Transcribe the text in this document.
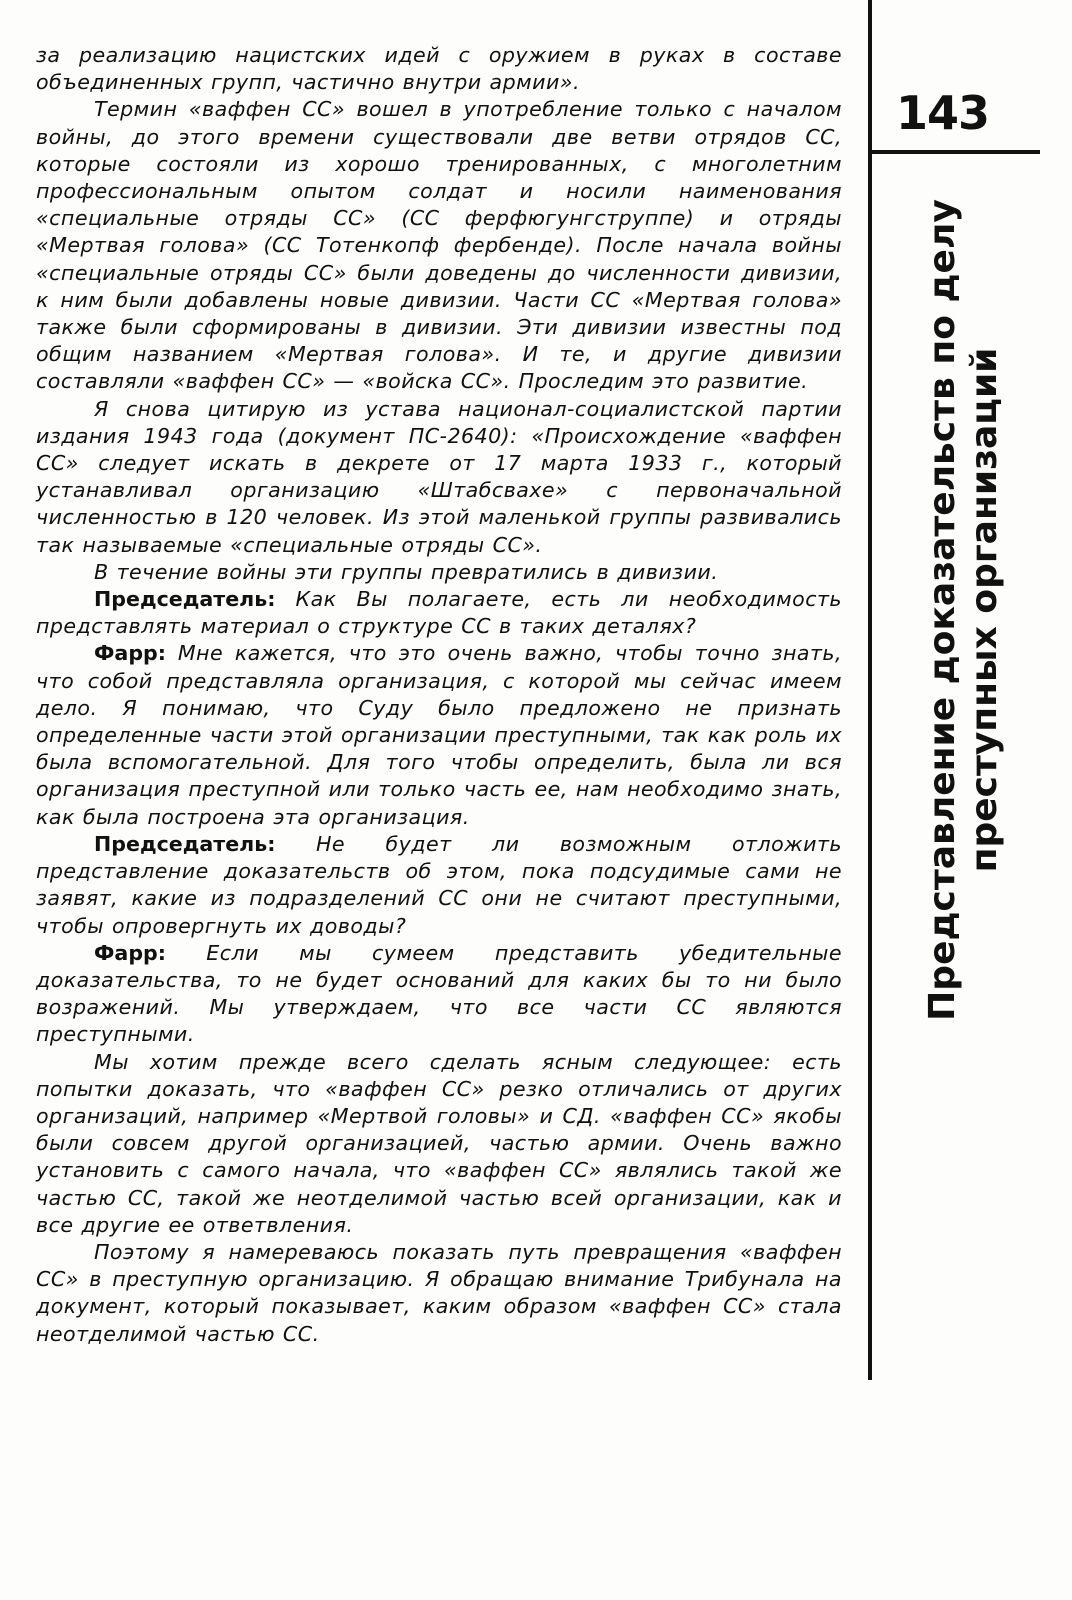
за реализацию нацистских идей с оружием в руках в составе объединенных групп, частично внутри армии».

Термин «ваффен СС» вошел в употребление только с началом войны, до этого времени существовали две ветви отрядов СС, которые состояли из хорошо тренированных, с многолетним профессиональным опытом солдат и носили наименования «специальные отряды СС» (СС ферфюгунгструппе) и отряды «Мертвая голова» (СС Тотенкопф фербенде). После начала войны «специальные отряды СС» были доведены до численности дивизии, к ним были добавлены новые дивизии. Части СС «Мертвая голова» также были сформированы в дивизии. Эти дивизии известны под общим названием «Мертвая голова». И те, и другие дивизии составляли «ваффен СС» — «войска СС». Проследим это развитие.

Я снова цитирую из устава национал-социалистской партии издания 1943 года (документ ПС-2640): «Происхождение «ваффен СС» следует искать в декрете от 17 марта 1933 г., который устанавливал организацию «Штабсвахе» с первоначальной численностью в 120 человек. Из этой маленькой группы развивались так называемые «специальные отряды СС».

В течение войны эти группы превратились в дивизии.

Председатель: Как Вы полагаете, есть ли необходимость представлять материал о структуре СС в таких деталях?

Фарр: Мне кажется, что это очень важно, чтобы точно знать, что собой представляла организация, с которой мы сейчас имеем дело. Я понимаю, что Суду было предложено не признать определенные части этой организации преступными, так как роль их была вспомогательной. Для того чтобы определить, была ли вся организация преступной или только часть ее, нам необходимо знать, как была построена эта организация.

Председатель: Не будет ли возможным отложить представление доказательств об этом, пока подсудимые сами не заявят, какие из подразделений СС они не считают преступными, чтобы опровергнуть их доводы?

Фарр: Если мы сумеем представить убедительные доказательства, то не будет оснований для каких бы то ни было возражений. Мы утверждаем, что все части СС являются преступными.

Мы хотим прежде всего сделать ясным следующее: есть попытки доказать, что «ваффен СС» резко отличались от других организаций, например «Мертвой головы» и СД. «ваффен СС» якобы были совсем другой организацией, частью армии. Очень важно установить с самого начала, что «ваффен СС» являлись такой же частью СС, такой же неотделимой частью всей организации, как и все другие ее ответвления.

Поэтому я намереваюсь показать путь превращения «ваффен СС» в преступную организацию. Я обращаю внимание Трибунала на документ, который показывает, каким образом «ваффен СС» стала неотделимой частью СС.

143
Представление доказательств по делу преступных организаций
